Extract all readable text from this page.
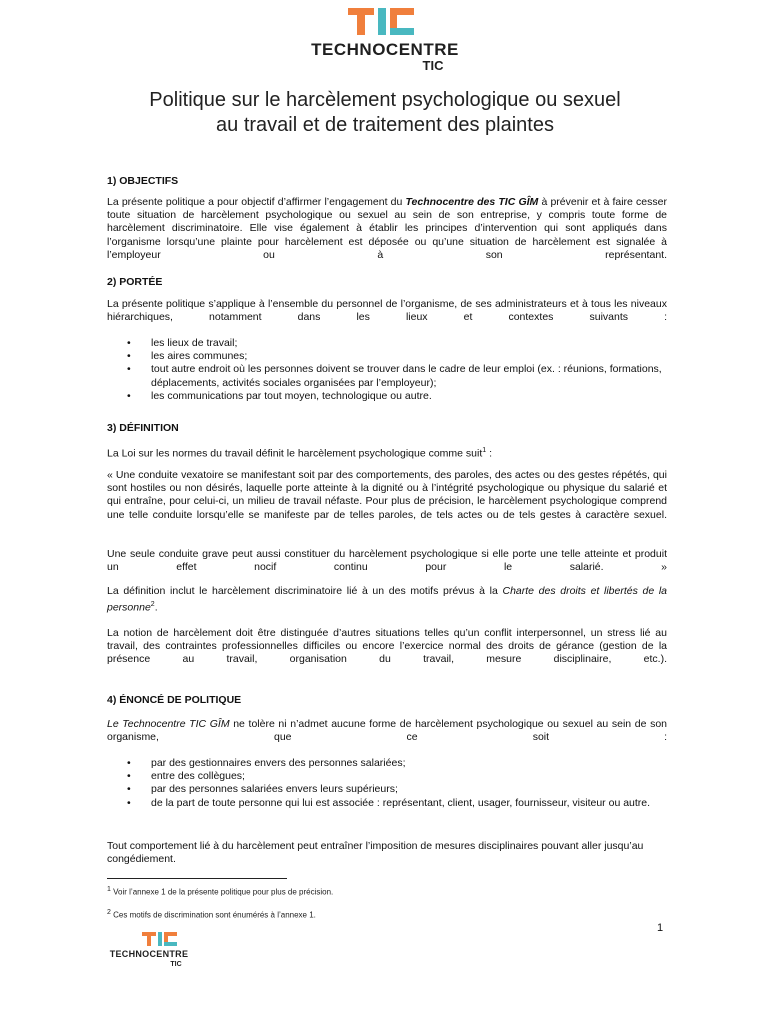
TECHNOCENTRE
TIC
Politique sur le harcèlement psychologique ou sexuel
au travail et de traitement des plaintes
1) OBJECTIFS
La présente politique a pour objectif d’affirmer l’engagement du Technocentre des TIC GÎM à prévenir et à faire cesser toute situation de harcèlement psychologique ou sexuel au sein de son entreprise, y compris toute forme de harcèlement discriminatoire. Elle vise également à établir les principes d’intervention qui sont appliqués dans l’organisme lorsqu’une plainte pour harcèlement est déposée ou qu’une situation de harcèlement est signalée à l’employeur ou à son représentant.
2) PORTÉE
La présente politique s’applique à l’ensemble du personnel de l’organisme, de ses administrateurs et à tous les niveaux hiérarchiques, notamment dans les lieux et contextes suivants :
• les lieux de travail;
• les aires communes;
• tout autre endroit où les personnes doivent se trouver dans le cadre de leur emploi (ex. : réunions, formations, déplacements, activités sociales organisées par l’employeur);
• les communications par tout moyen, technologique ou autre.
3) DÉFINITION
La Loi sur les normes du travail définit le harcèlement psychologique comme suit$^1$ :
« Une conduite vexatoire se manifestant soit par des comportements, des paroles, des actes ou des gestes répétés, qui sont hostiles ou non désirés, laquelle porte atteinte à la dignité ou à l’intégrité psychologique ou physique du salarié et qui entraîne, pour celui-ci, un milieu de travail néfaste. Pour plus de précision, le harcèlement psychologique comprend une telle conduite lorsqu’elle se manifeste par de telles paroles, de tels actes ou de tels gestes à caractère sexuel.
Une seule conduite grave peut aussi constituer du harcèlement psychologique si elle porte une telle atteinte et produit un effet nocif continu pour le salarié. »
La définition inclut le harcèlement discriminatoire lié à un des motifs prévus à la Charte des droits et libertés de la personne$^2$.
La notion de harcèlement doit être distinguée d’autres situations telles qu’un conflit interpersonnel, un stress lié au travail, des contraintes professionnelles difficiles ou encore l’exercice normal des droits de gérance (gestion de la présence au travail, organisation du travail, mesure disciplinaire, etc.).
4) ÉNONCÉ DE POLITIQUE
Le Technocentre TIC GÎM ne tolère ni n’admet aucune forme de harcèlement psychologique ou sexuel au sein de son organisme, que ce soit :
• par des gestionnaires envers des personnes salariées;
• entre des collègues;
• par des personnes salariées envers leurs supérieurs;
• de la part de toute personne qui lui est associée : représentant, client, usager, fournisseur, visiteur ou autre.
Tout comportement lié à du harcèlement peut entraîner l’imposition de mesures disciplinaires pouvant aller jusqu’au congédiement.
$^1$ Voir l’annexe 1 de la présente politique pour plus de précision.
$^2$ Ces motifs de discrimination sont énumérés à l’annexe 1.
1
TECHNOCENTRE
TIC
